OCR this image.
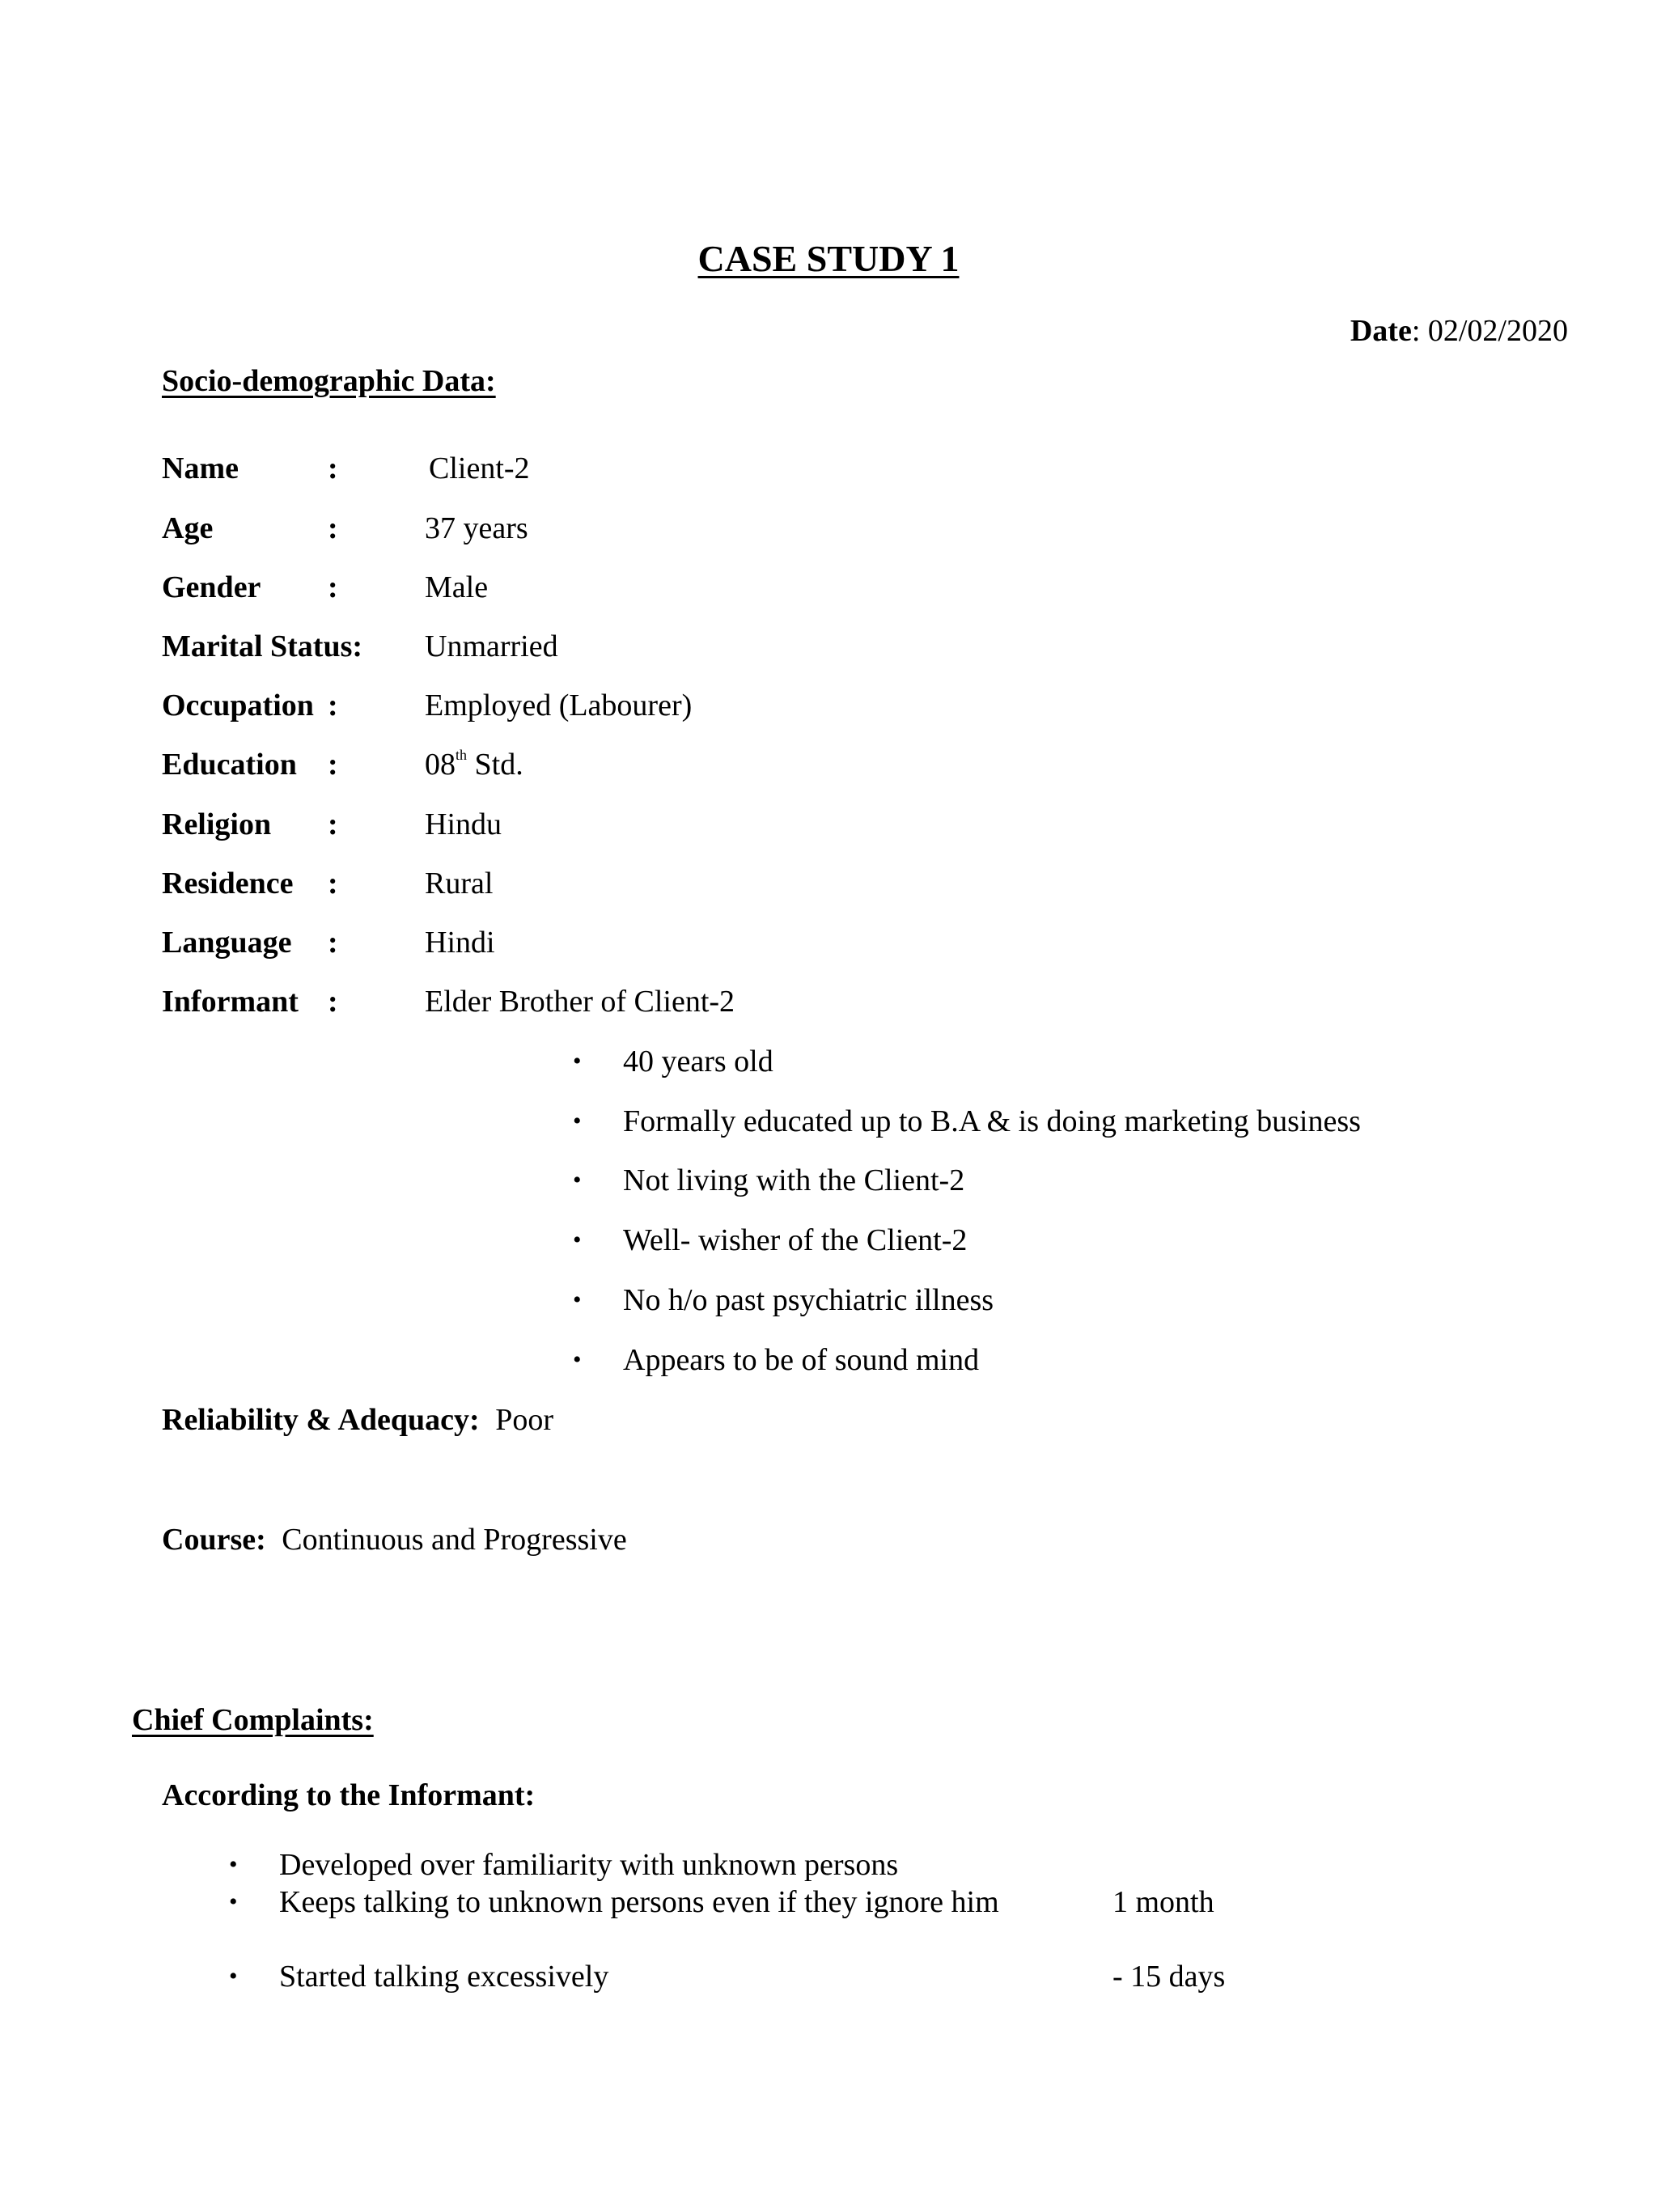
CASE STUDY 1
Date: 02/02/2020
Socio-demographic Data:
Name	:	Client-2
Age	:	37 years
Gender :	Male
Marital Status: Unmarried
Occupation :	Employed (Labourer)
Education :	08th Std.
Religion :	Hindu
Residence :	Rural
Language :	Hindi
Informant :	Elder Brother of Client-2
• 40 years old
• Formally educated up to B.A & is doing marketing business
• Not living with the Client-2
• Well- wisher of the Client-2
• No h/o past psychiatric illness
• Appears to be of sound mind
Reliability & Adequacy: Poor
Course: Continuous and Progressive
Chief Complaints:
According to the Informant:
• Developed over familiarity with unknown persons
• Keeps talking to unknown persons even if they ignore him	1 month
• Started talking excessively	- 15 days
